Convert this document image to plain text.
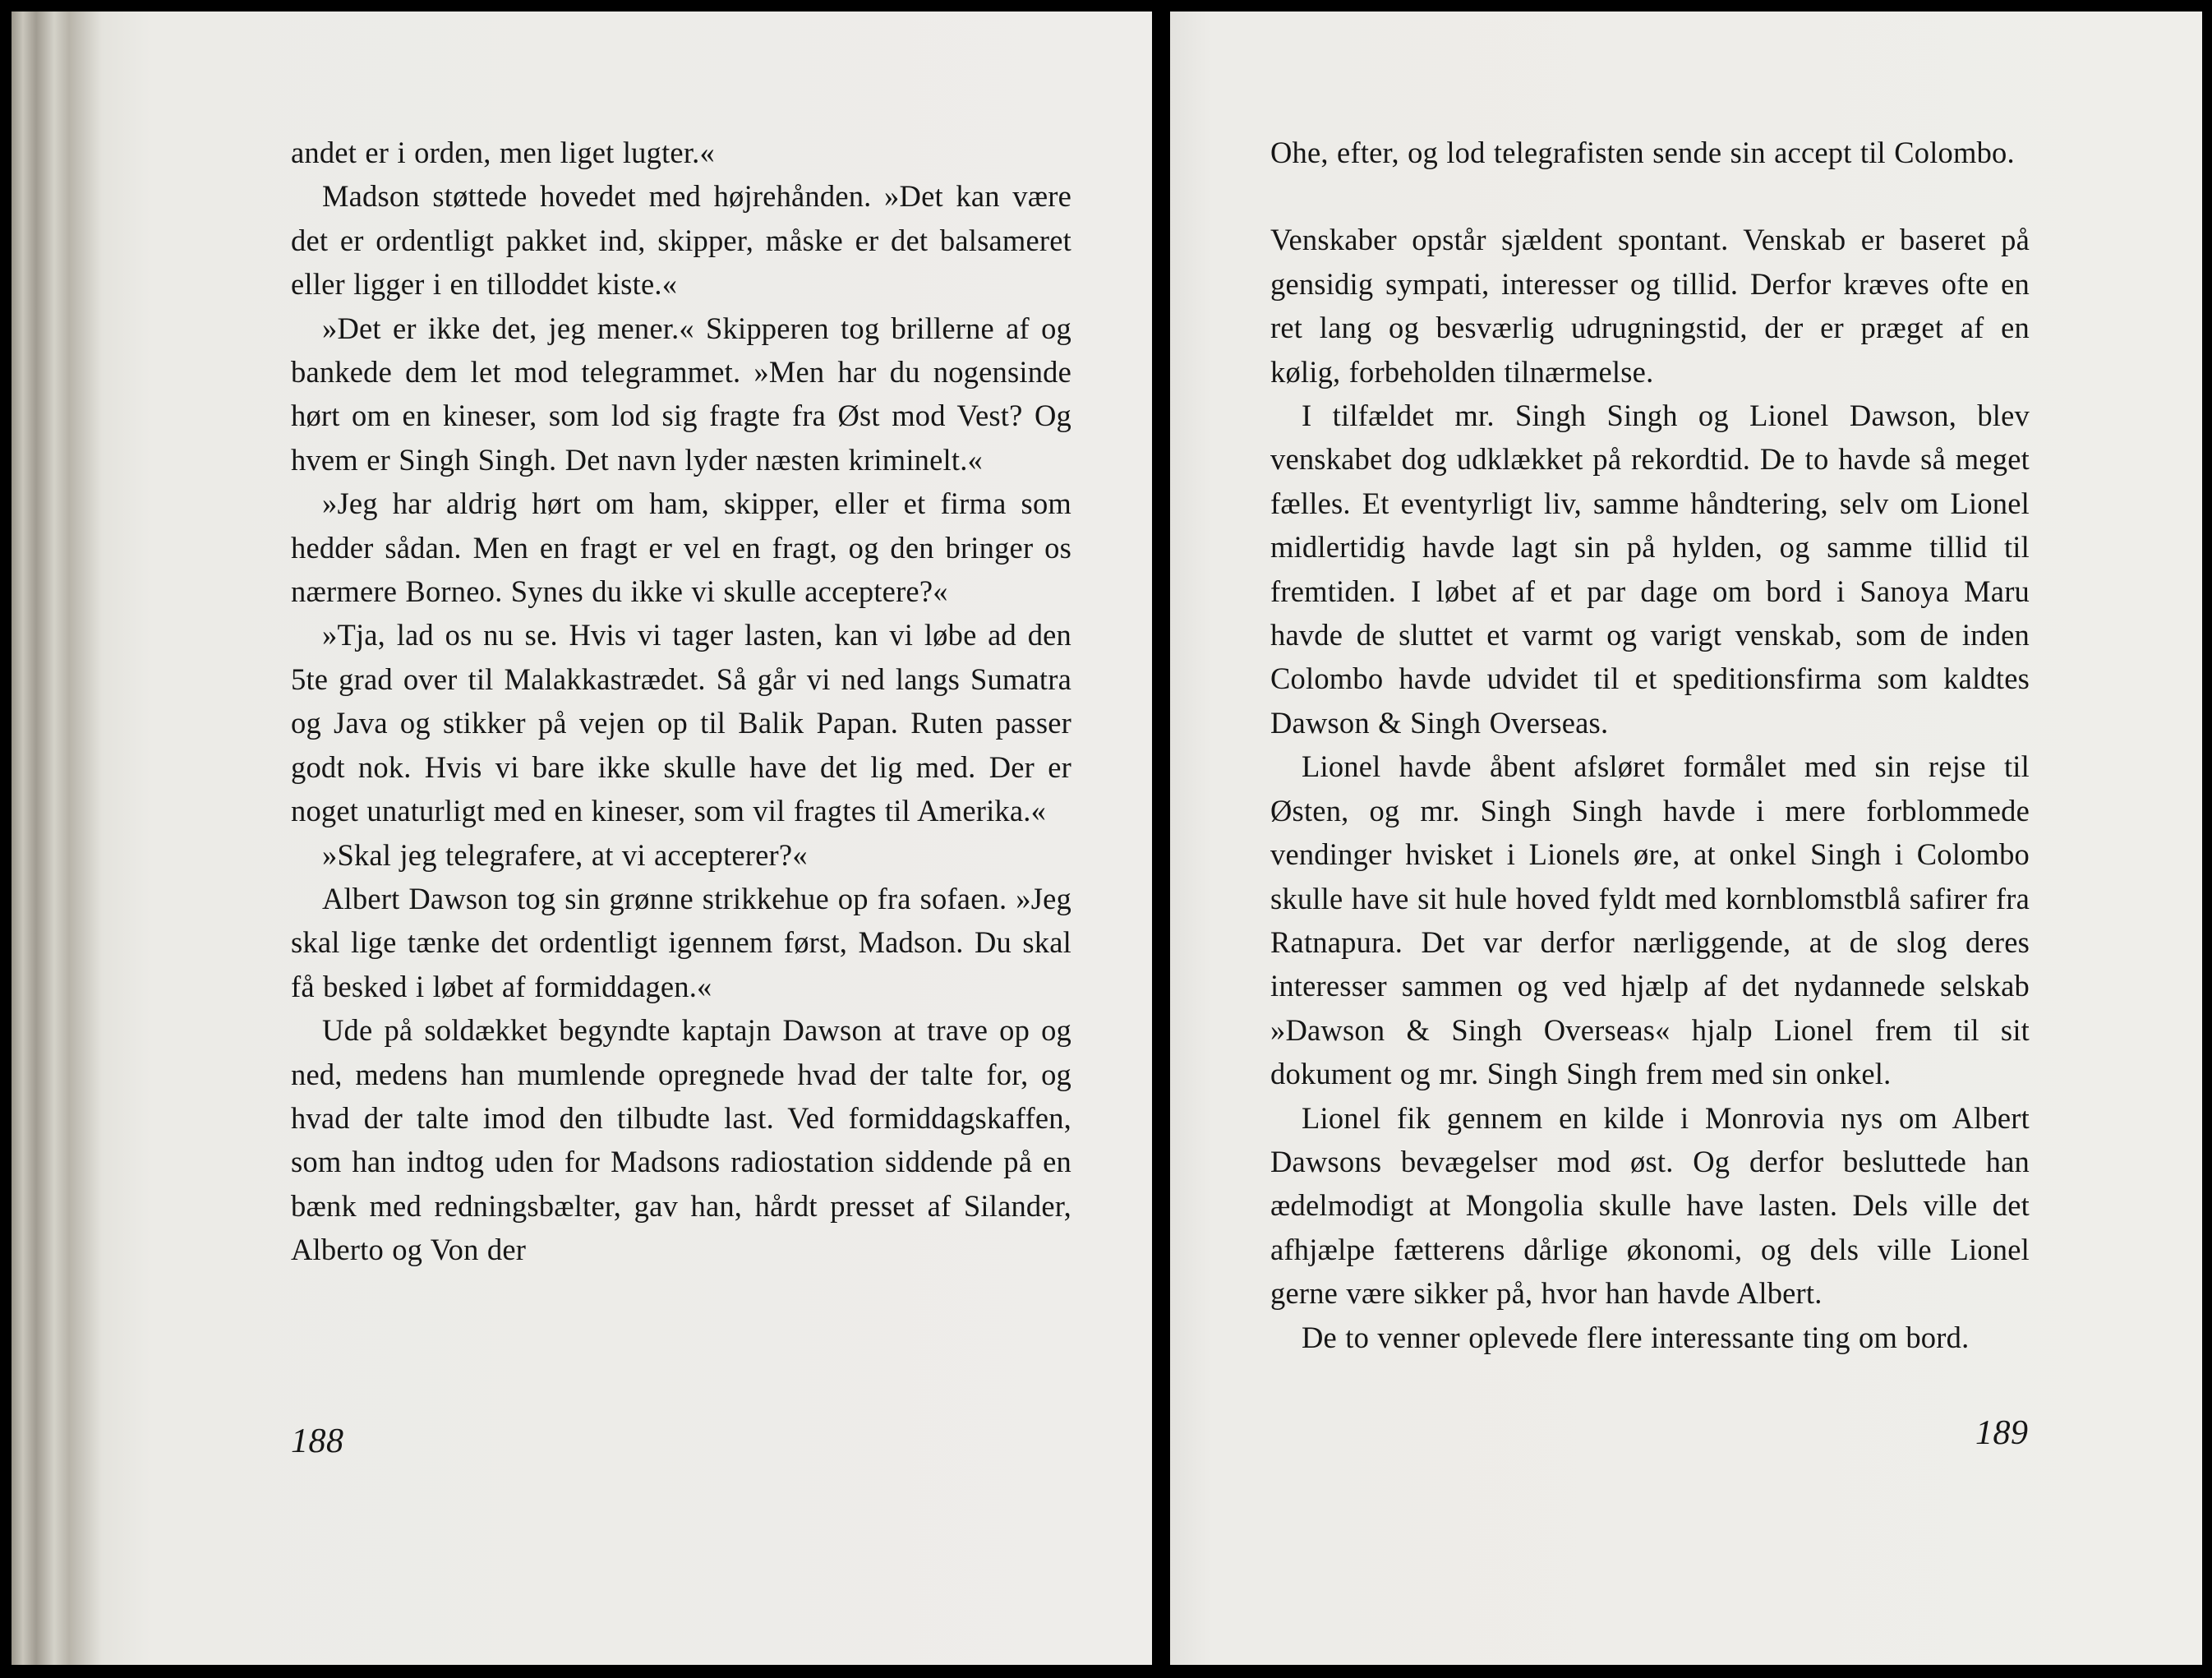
andet er i orden, men liget lugter.«

Madson støttede hovedet med højrehånden. »Det kan være det er ordentligt pakket ind, skipper, måske er det balsameret eller ligger i en tilloddet kiste.«

»Det er ikke det, jeg mener.« Skipperen tog brillerne af og bankede dem let mod telegrammet. »Men har du nogensinde hørt om en kineser, som lod sig fragte fra Øst mod Vest? Og hvem er Singh Singh. Det navn lyder næsten kriminelt.«

»Jeg har aldrig hørt om ham, skipper, eller et firma som hedder sådan. Men en fragt er vel en fragt, og den bringer os nærmere Borneo. Synes du ikke vi skulle acceptere?«

»Tja, lad os nu se. Hvis vi tager lasten, kan vi løbe ad den 5te grad over til Malakkastrædet. Så går vi ned langs Sumatra og Java og stikker på vejen op til Balik Papan. Ruten passer godt nok. Hvis vi bare ikke skulle have det lig med. Der er noget unaturligt med en kineser, som vil fragtes til Amerika.«

»Skal jeg telegrafere, at vi accepterer?«

Albert Dawson tog sin grønne strikkehue op fra sofaen. »Jeg skal lige tænke det ordentligt igennem først, Madson. Du skal få besked i løbet af formiddagen.«

Ude på soldækket begyndte kaptajn Dawson at trave op og ned, medens han mumlende opregnede hvad der talte for, og hvad der talte imod den tilbudte last. Ved formiddagskaffen, som han indtog uden for Madsons radiostation siddende på en bænk med redningsbælter, gav han, hårdt presset af Silander, Alberto og Von der

188

Ohe, efter, og lod telegrafisten sende sin accept til Colombo.

Venskaber opstår sjældent spontant. Venskab er baseret på gensidig sympati, interesser og tillid. Derfor kræves ofte en ret lang og besværlig udrugningstid, der er præget af en kølig, forbeholden tilnærmelse.

I tilfældet mr. Singh Singh og Lionel Dawson, blev venskabet dog udklækket på rekordtid. De to havde så meget fælles. Et eventyrligt liv, samme håndtering, selv om Lionel midlertidig havde lagt sin på hylden, og samme tillid til fremtiden. I løbet af et par dage om bord i Sanoya Maru havde de sluttet et varmt og varigt venskab, som de inden Colombo havde udvidet til et speditionsfirma som kaldtes Dawson & Singh Overseas.

Lionel havde åbent afsløret formålet med sin rejse til Østen, og mr. Singh Singh havde i mere forblommede vendinger hvisket i Lionels øre, at onkel Singh i Colombo skulle have sit hule hoved fyldt med kornblomstblå safirer fra Ratnapura. Det var derfor nærliggende, at de slog deres interesser sammen og ved hjælp af det nydannede selskab »Dawson & Singh Overseas« hjalp Lionel frem til sit dokument og mr. Singh Singh frem med sin onkel.

Lionel fik gennem en kilde i Monrovia nys om Albert Dawsons bevægelser mod øst. Og derfor besluttede han ædelmodigt at Mongolia skulle have lasten. Dels ville det afhjælpe fætterens dårlige økonomi, og dels ville Lionel gerne være sikker på, hvor han havde Albert.

De to venner oplevede flere interessante ting om bord.

189
